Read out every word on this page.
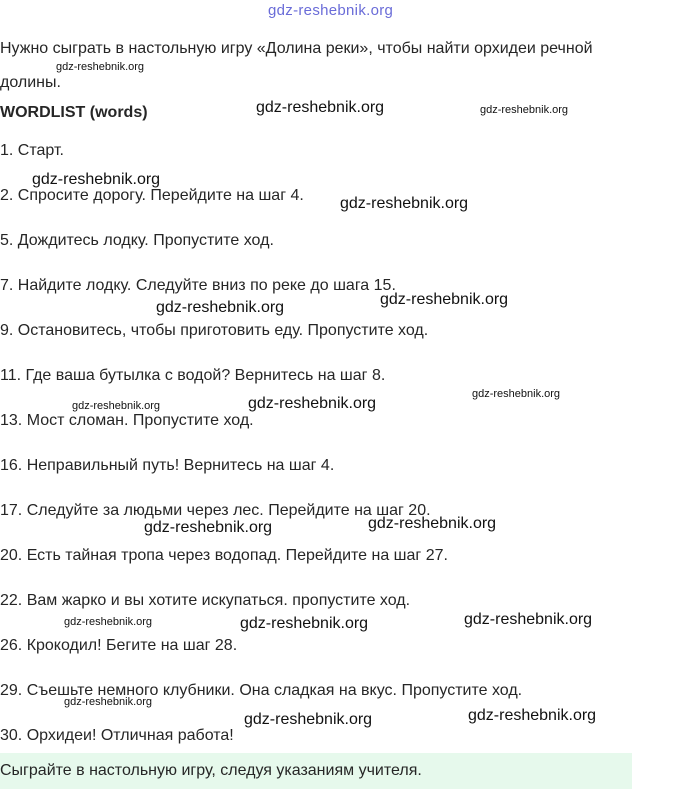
gdz-reshebnik.org
Нужно сыграть в настольную игру «Долина реки», чтобы найти орхидеи речной долины.
WORDLIST (words)
1. Старт.
2. Спросите дорогу. Перейдите на шаг 4.
5. Дождитесь лодку. Пропустите ход.
7. Найдите лодку. Следуйте вниз по реке до шага 15.
9. Остановитесь, чтобы приготовить еду. Пропустите ход.
11. Где ваша бутылка с водой? Вернитесь на шаг 8.
13. Мост сломан. Пропустите ход.
16. Неправильный путь! Вернитесь на шаг 4.
17. Следуйте за людьми через лес. Перейдите на шаг 20.
20. Есть тайная тропа через водопад. Перейдите на шаг 27.
22. Вам жарко и вы хотите искупаться. пропустите ход.
26. Крокодил! Бегите на шаг 28.
29. Съешьте немного клубники. Она сладкая на вкус. Пропустите ход.
30. Орхидеи! Отличная работа!
Сыграйте в настольную игру, следуя указаниям учителя.
gdz-reshebnik.org
gdz-reshebnik.org	gdz-reshebnik.org
gdz-reshebnik.org
gdz-reshebnik.org
gdz-reshebnik.org
gdz-reshebnik.org
gdz-reshebnik.org
gdz-reshebnik.org	gdz-reshebnik.org
gdz-reshebnik.org
gdz-reshebnik.org
gdz-reshebnik.org
gdz-reshebnik.org	gdz-reshebnik.org
gdz-reshebnik.org
gdz-reshebnik.org
gdz-reshebnik.org
